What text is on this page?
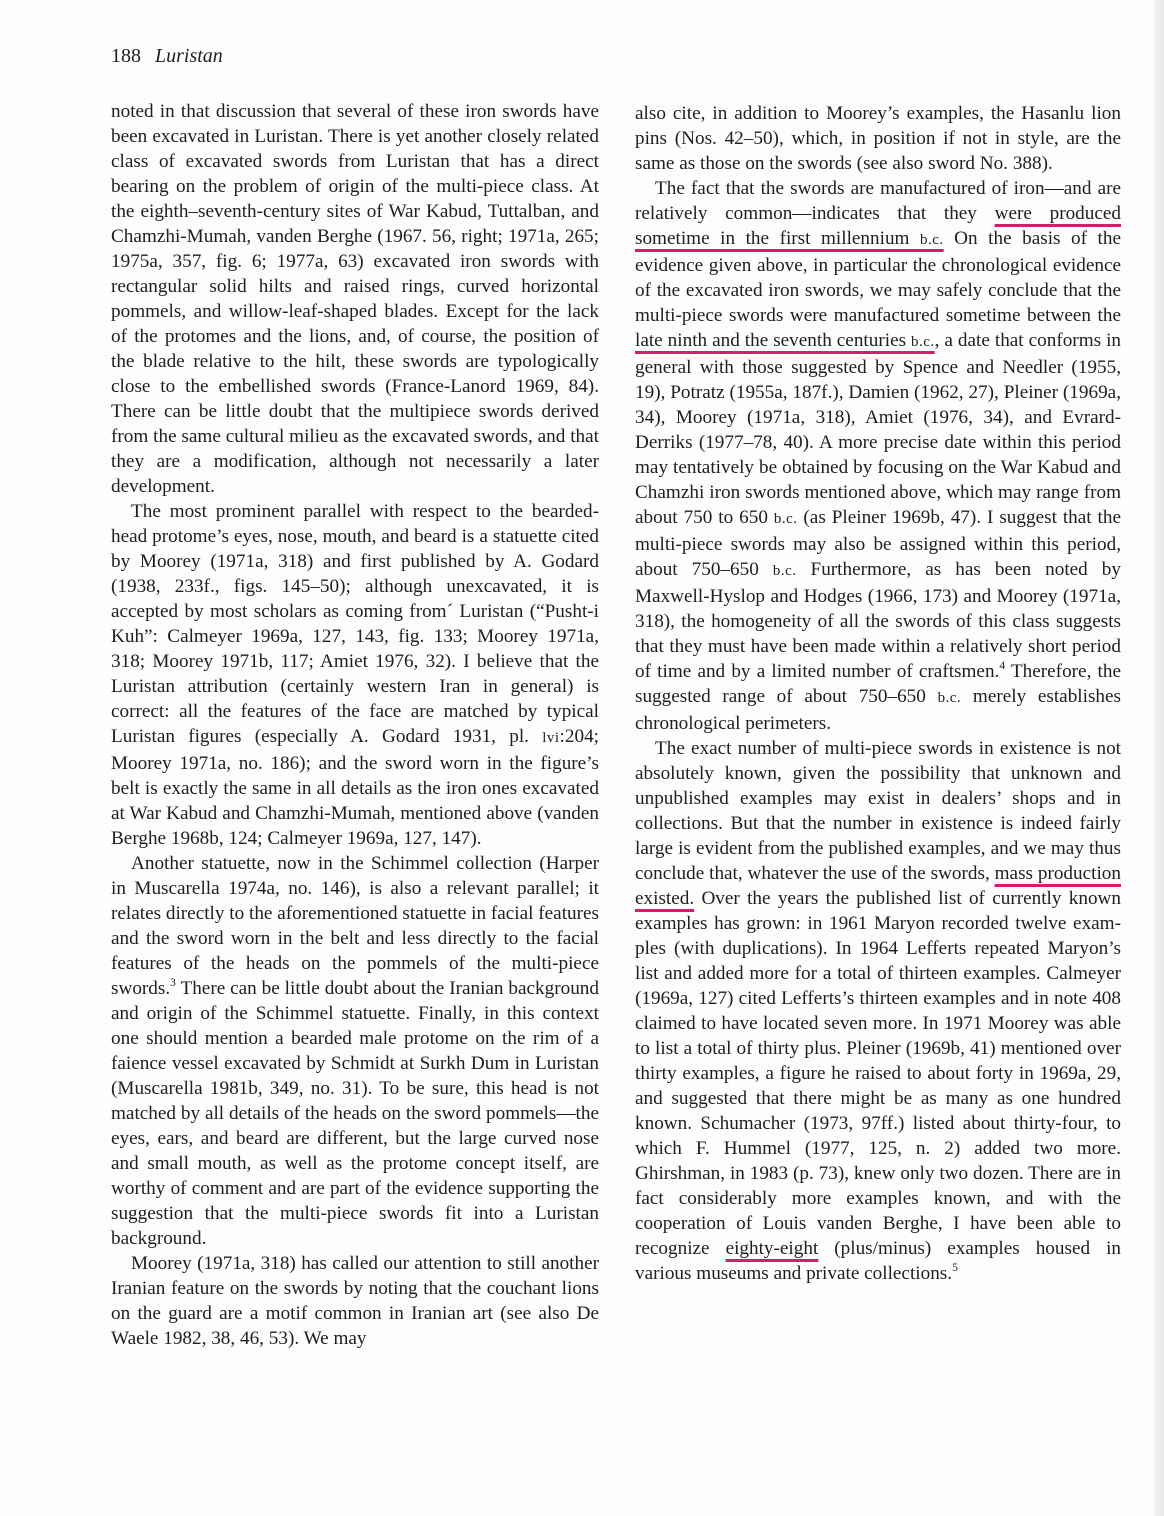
188 Luristan

noted in that discussion that several of these iron swords have been excavated in Luristan. There is yet another closely related class of excavated swords from Luristan that has a direct bearing on the problem of origin of the multi-piece class. At the eighth–seventh-century sites of War Kabud, Tuttalban, and Chamzhi-Mumah, vanden Berghe (1967. 56, right; 1971a, 265; 1975a, 357, fig. 6; 1977a, 63) excavated iron swords with rectangular solid hilts and raised rings, curved horizontal pommels, and willow-leaf-shaped blades. Except for the lack of the protomes and the lions, and, of course, the position of the blade relative to the hilt, these swords are typologically close to the embellished swords (France-Lanord 1969, 84). There can be little doubt that the multipiece swords derived from the same cultural milieu as the excavated swords, and that they are a modification, although not necessarily a later development.

The most prominent parallel with respect to the bearded-head protome’s eyes, nose, mouth, and beard is a statuette cited by Moorey (1971a, 318) and first published by A. Godard (1938, 233f., figs. 145–50); although unexcavated, it is accepted by most scholars as coming from´ Luristan (“Pusht-i Kuh”: Calmeyer 1969a, 127, 143, fig. 133; Moorey 1971a, 318; Moorey 1971b, 117; Amiet 1976, 32). I believe that the Luristan attribution (certainly western Iran in general) is correct: all the features of the face are matched by typical Luristan figures (especially A. Godard 1931, pl. lvi:204; Moorey 1971a, no. 186); and the sword worn in the figure’s belt is exactly the same in all details as the iron ones excavated at War Kabud and Chamzhi-Mumah, mentioned above (vanden Berghe 1968b, 124; Calmeyer 1969a, 127, 147).

Another statuette, now in the Schimmel collection (Harper in Muscarella 1974a, no. 146), is also a relevant parallel; it relates directly to the aforementioned statuette in facial features and the sword worn in the belt and less directly to the facial features of the heads on the pommels of the multi-piece swords.$^3$ There can be little doubt about the Iranian background and origin of the Schimmel statuette. Finally, in this context one should mention a bearded male protome on the rim of a faience vessel excavated by Schmidt at Surkh Dum in Luristan (Muscarella 1981b, 349, no. 31). To be sure, this head is not matched by all details of the heads on the sword pommels—the eyes, ears, and beard are different, but the large curved nose and small mouth, as well as the protome concept itself, are worthy of comment and are part of the evidence supporting the suggestion that the multi-piece swords fit into a Luristan background.

Moorey (1971a, 318) has called our attention to still another Iranian feature on the swords by noting that the couchant lions on the guard are a motif common in Iranian art (see also De Waele 1982, 38, 46, 53). We may

also cite, in addition to Moorey’s examples, the Hasanlu lion pins (Nos. 42–50), which, in position if not in style, are the same as those on the swords (see also sword No. 388).

The fact that the swords are manufactured of iron—and are relatively common—indicates that they were produced sometime in the first millennium b.c. On the basis of the evidence given above, in particular the chronological evidence of the excavated iron swords, we may safely conclude that the multi-piece swords were manufactured sometime between the late ninth and the seventh centuries b.c., a date that conforms in general with those suggested by Spence and Needler (1955, 19), Potratz (1955a, 187f.), Damien (1962, 27), Pleiner (1969a, 34), Moorey (1971a, 318), Amiet (1976, 34), and Evrard-Derriks (1977–78, 40). A more precise date within this period may tentatively be obtained by focusing on the War Kabud and Chamzhi iron swords mentioned above, which may range from about 750 to 650 b.c. (as Pleiner 1969b, 47). I suggest that the multi-piece swords may also be assigned within this period, about 750–650 b.c. Furthermore, as has been noted by Maxwell-Hyslop and Hodges (1966, 173) and Moorey (1971a, 318), the homogeneity of all the swords of this class suggests that they must have been made within a relatively short period of time and by a limited number of craftsmen.$^4$ Therefore, the suggested range of about 750–650 b.c. merely establishes chronological perimeters.

The exact number of multi-piece swords in existence is not absolutely known, given the possibility that unknown and unpublished examples may exist in dealers’ shops and in collections. But that the number in existence is indeed fairly large is evident from the published examples, and we may thus conclude that, whatever the use of the swords, mass production existed. Over the years the published list of currently known examples has grown: in 1961 Maryon recorded twelve examples (with duplications). In 1964 Lefferts repeated Maryon’s list and added more for a total of thirteen examples. Calmeyer (1969a, 127) cited Lefferts’s thirteen examples and in note 408 claimed to have located seven more. In 1971 Moorey was able to list a total of thirty plus. Pleiner (1969b, 41) mentioned over thirty examples, a figure he raised to about forty in 1969a, 29, and suggested that there might be as many as one hundred known. Schumacher (1973, 97ff.) listed about thirty-four, to which F. Hummel (1977, 125, n. 2) added two more. Ghirshman, in 1983 (p. 73), knew only two dozen. There are in fact considerably more examples known, and with the cooperation of Louis vanden Berghe, I have been able to recognize eighty-eight (plus/minus) examples housed in various museums and private collections.$^5$
